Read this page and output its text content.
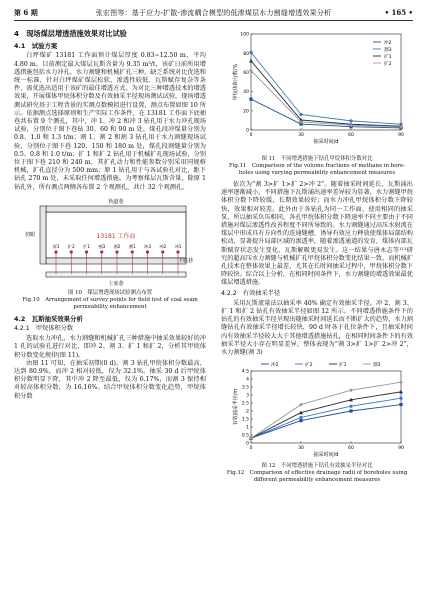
第 6 期	张宏图等：基于应力-扩散-渗流耦合模型的低渗煤层水力割缝增透效果分析	• 165 •
4　现场煤层增透措施效果对比试验
4.1　试验方案

白坪煤矿 13181 工作面预计煤层厚度 0.83~12.50 m，平均 4.80 m，目前测定最大煤层瓦斯含量为 9.35 m³/t，该矿日前所用增透措施包括水力冲孔、水力割缝和机械扩孔三种，缺乏系统对比优选和统一标准，针对白坪煤矿煤层松软、渗透性较低、瓦斯赋存复杂等条件，需优选出适用于该矿的最佳增透方式。为对比三种增透技术的增透效果，开展煤体甲烷体积分数及有效抽采半径现场测试试验，现场增透测试研究基于工程背景的实测点数模拟进行设置，测点布置如图 10 所示。依据测点选择原则和生产实际工作条件，在 13181 工作面下底抽巷共布置 9 个测孔，其中，冲 1、冲 2 和冲 3 钻孔用于水力冲孔现场试验，分别位于图下巷钻 30、60 和 90 m 处，煤孔段冲煤量分别为 0.8、1.0 和 1.3 t/m；割 1、割 2 和割 3 钻孔用于水力割缝现场试验，分别位于图下巷 120、150 和 180 m 处，煤孔段割缝量分别为 0.5、0.8 和 1.0 t/m；扩 1 和扩 2 钻孔用于机械扩孔现场试验，分别位于图下巷 210 和 240 m，其扩孔动力和性能参数分别采用同规格机械，扩孔直径分为 500 mm；原 1 钻孔用于与各试验孔对比，距下钻孔 270 m 处，未采取任何增透措施。为考察煤层瓦斯含量，除原 1 钻孔外，所有测点两侧各布置 2 个观测孔，共计 32 个观测孔。

轨道巷
切眼	13181 工作面
下底巷
上底巷
原1 扩2 扩1 割3 割2 割1 冲3 冲2 冲1
图 10　煤层增透现场试验测点布置
Fig.10　Arrangement of survey points for field test of coal seam
permeability enhancement
4.2　瓦斯抽采效果分析
4.2.1　甲烷体积分数

选取水力冲孔、水力割缝和机械扩孔三种措施中抽采效果较好的冲 1 孔的试验孔进行对比，即冲 2、割 3、扩 1 和扩 2，分析其甲烷体积分数变化规律(图 11)。

由图 11 可知，在抽采初期(0 d)，割 3 钻孔甲烷体积分数最高，达到 80.9%，而冲 2 相对较低，仅为 32.1%。抽采 30 d 后甲烷体积分数明显下降，其中冲 2 降至最低，仅为 6.17%，而割 3 保持相对较高体积分数，为 16.16%。结合甲烷体积分数变化趋势，甲烷体积分数

0
20
40
60
80
100
0	30	60	90
抽采时间/d
甲烷体积分数/%
冲2
割3
扩1
扩2
图 11　不同增透措施下钻孔甲烷体积分数对比
Fig.11　Comparison of the volume fractions of methane in bore-
holes using varying permeability enhancement measures

依次为“割 3>扩 1>扩 2>冲 2”。随着抽采时间延长，瓦斯涌出速率逐渐减小，不同措施下瓦斯涌出速率差异较为显著，水力割缝甲烷体积分数下降较缓，长期效果较好；而水力冲孔甲烷体积分数下降较快，效果相对较差。此外由于各钻孔为同一工作面，使用相同的抽采泵，所以抽采负压相同，各孔甲烷体积分数下降速率不同主要由于不同措施对煤层渗透性改善程度不同所导致的。水力割缝通过高压水射流在煤层中形成具有方向性的连通缝槽，诱导有效应力释放使煤体局部结构松动，显著提升局部区域的渗透率，随着渗透通道的发育，煤体内部瓦斯赋存状态发生变化，瓦斯解吸更易发生。这一结果与唐永志等¹¹¹研究的超高压水力割缝与机械扩孔甲烷体积分数变化结果一致。而机械扩孔技术在整体效果上最差，尤其在长时间抽采过程中，甲烷体积分数下降较快。综合以上分析，在相同时间条件下，水力割缝的增透效果最优煤层增透措施。

4.2.2　有效抽采半径

采用瓦斯流量法以抽采率 40% 确定有效抽采半径。冲 2、割 3、扩 1 和扩 2 钻孔有效抽采半径如图 12 所示。不同增透措施条件下的钻孔的有效抽采半径呈现出随抽采时间延长而不断扩大的趋势，水力割缝钻孔有效抽采半径增长较快，90 d 时各于孔位条件下，且抽采时间内有效抽采半径较大大于其他增透措施钻孔，在相同时间条件下的有效抽采半径大小存在明显差异，整体表现为“割 3>扩 1>扩 2>冲 2”，水力割缝(割 3)

0
0.5
1
1.5
2
2.5
3
3.5
4
4.5
0	30	60	90
抽采时间/d
有效抽采半径/m
冲2	扩2	扩1	割3
图 12　不同增透措施下钻孔有效抽采半径对比
Fig.12　Comparison of effective drainage radii of boreholes using
different permeability enhancement measures
